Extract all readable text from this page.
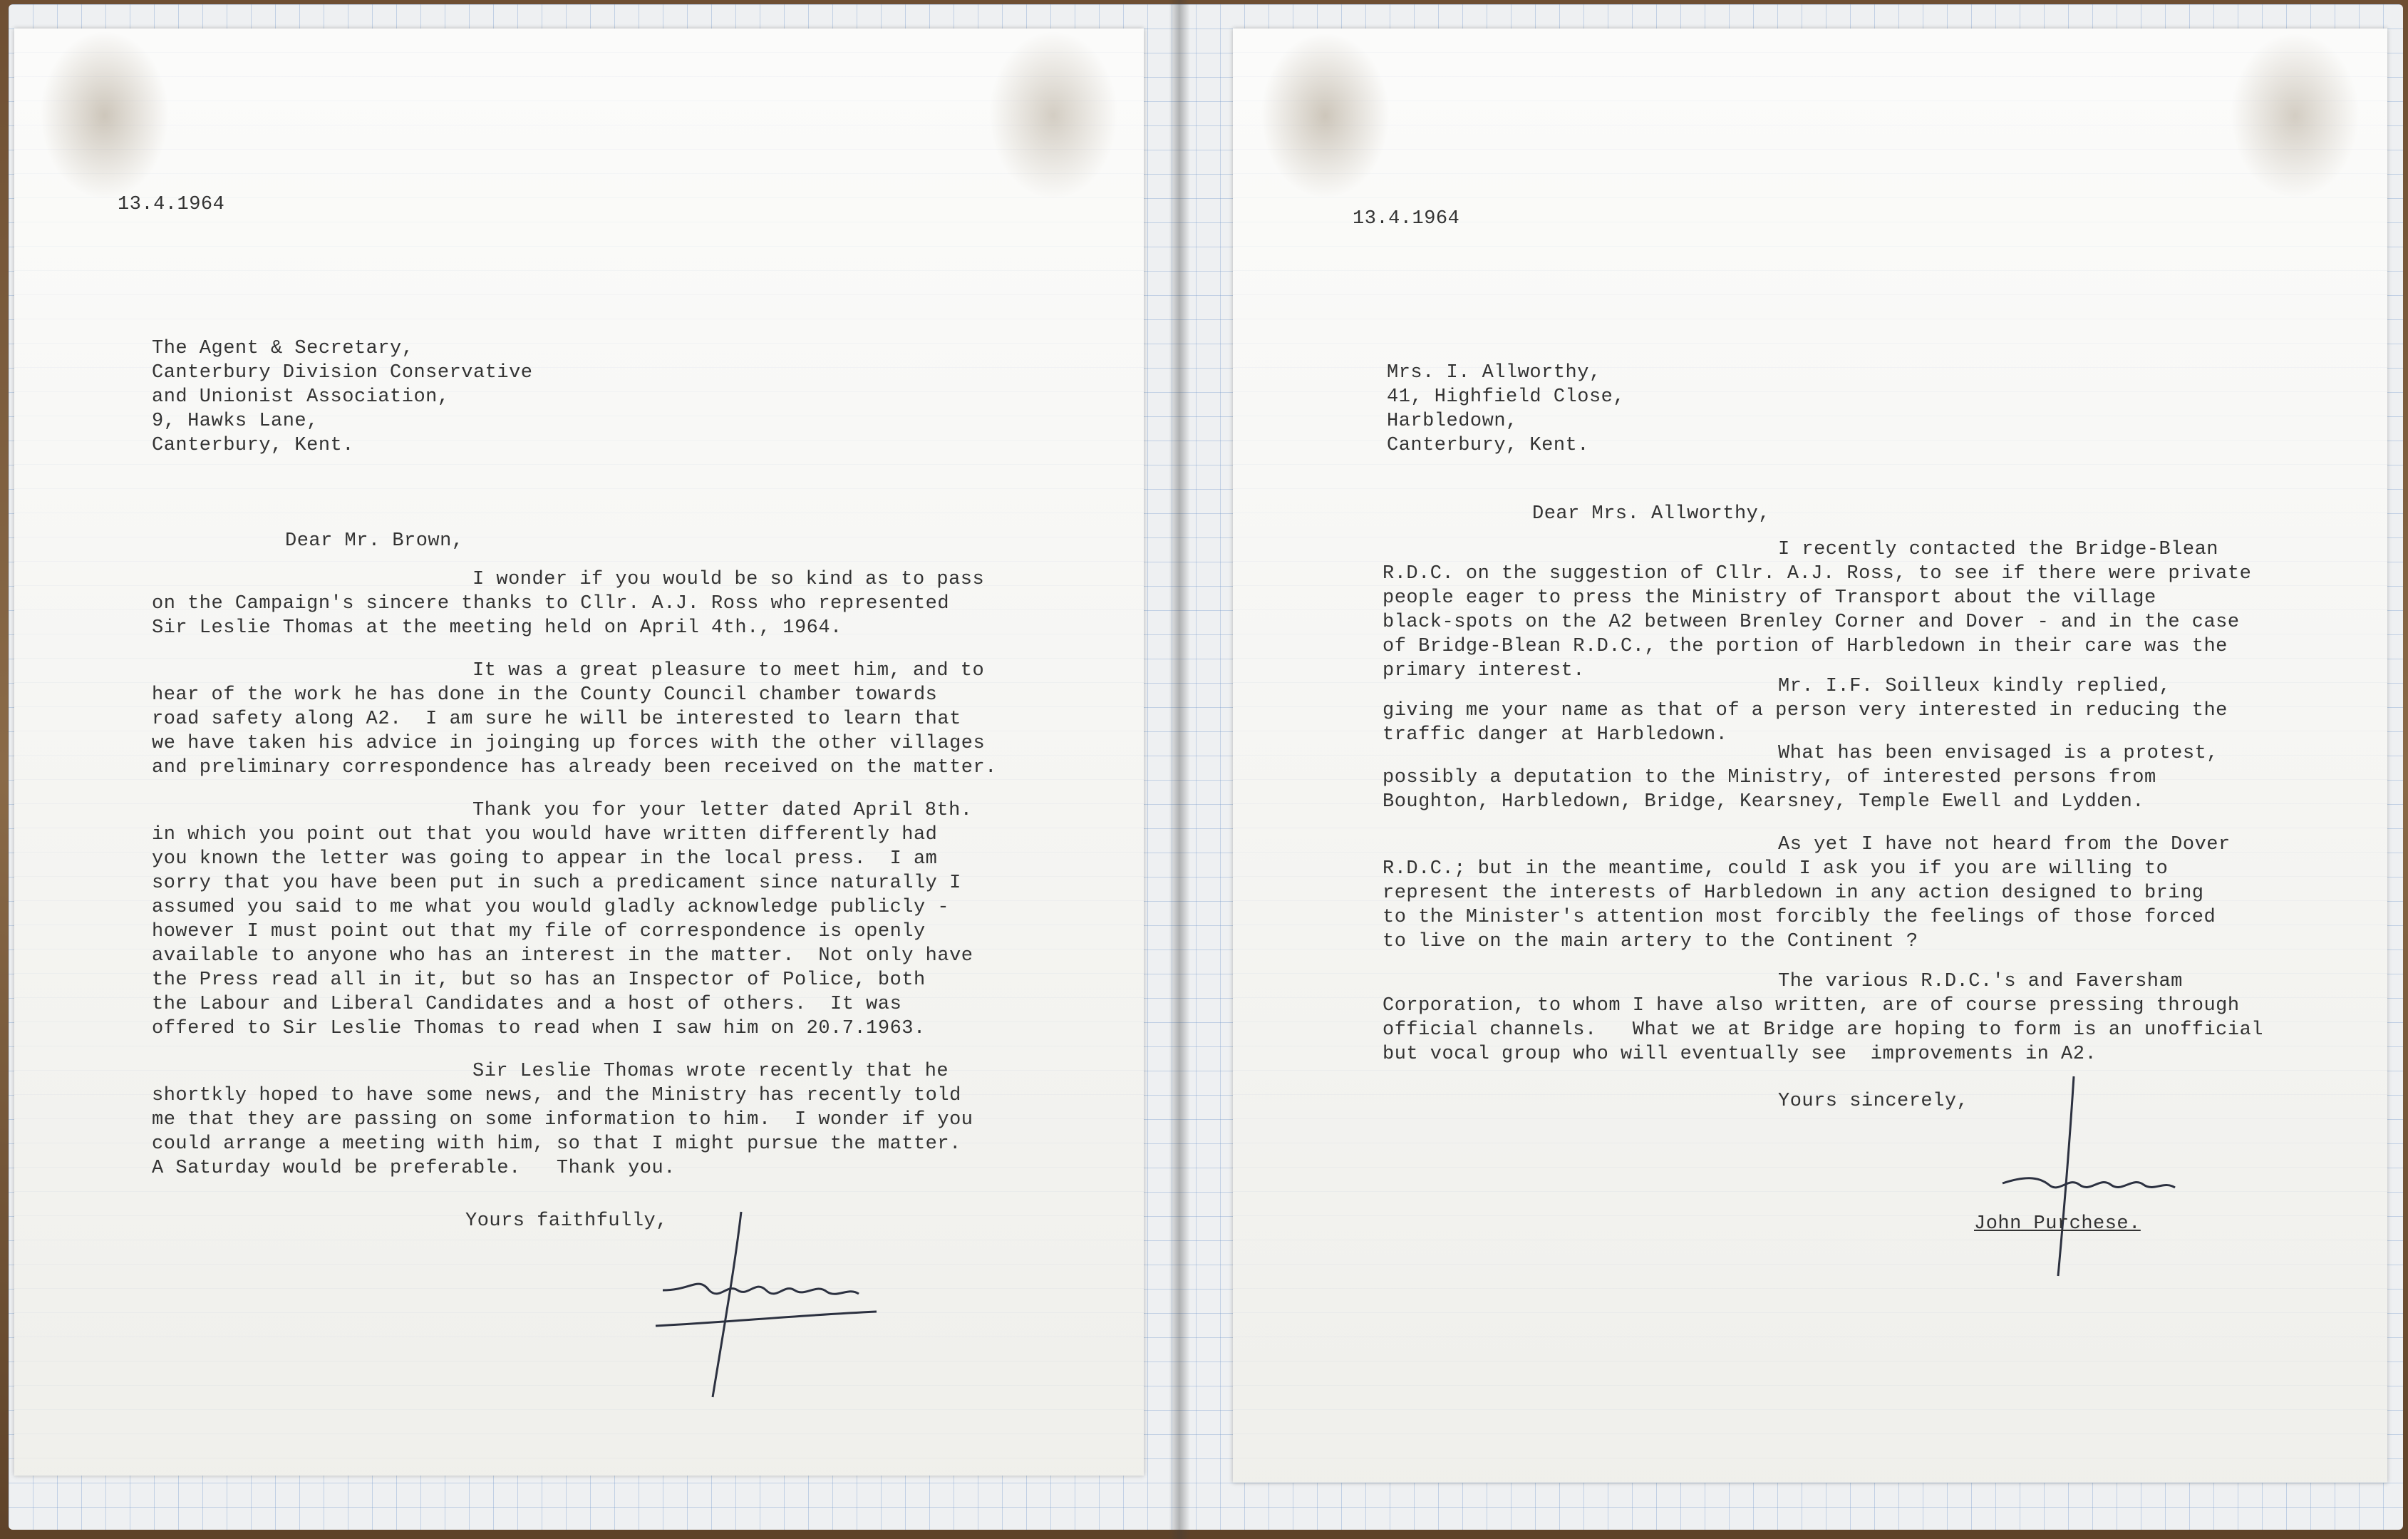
13.4.1964
The Agent & Secretary,
Canterbury Division Conservative
and Unionist Association,
9, Hawks Lane,
Canterbury, Kent.
Dear Mr. Brown,
I wonder if you would be so kind as to pass
on the Campaign's sincere thanks to Cllr. A.J. Ross who represented
Sir Leslie Thomas at the meeting held on April 4th., 1964.
It was a great pleasure to meet him, and to
hear of the work he has done in the County Council chamber towards
road safety along A2.  I am sure he will be interested to learn that
we have taken his advice in joinging up forces with the other villages
and preliminary correspondence has already been received on the matter.
Thank you for your letter dated April 8th.
in which you point out that you would have written differently had
you known the letter was going to appear in the local press.  I am
sorry that you have been put in such a predicament since naturally I
assumed you said to me what you would gladly acknowledge publicly -
however I must point out that my file of correspondence is openly
available to anyone who has an interest in the matter.  Not only have
the Press read all in it, but so has an Inspector of Police, both
the Labour and Liberal Candidates and a host of others.  It was
offered to Sir Leslie Thomas to read when I saw him on 20.7.1963.
Sir Leslie Thomas wrote recently that he
shortkly hoped to have some news, and the Ministry has recently told
me that they are passing on some information to him.  I wonder if you
could arrange a meeting with him, so that I might pursue the matter.
A Saturday would be preferable.   Thank you.
Yours faithfully,
13.4.1964
Mrs. I. Allworthy,
41, Highfield Close,
Harbledown,
Canterbury, Kent.
Dear Mrs. Allworthy,
I recently contacted the Bridge-Blean
R.D.C. on the suggestion of Cllr. A.J. Ross, to see if there were private
people eager to press the Ministry of Transport about the village
black-spots on the A2 between Brenley Corner and Dover - and in the case
of Bridge-Blean R.D.C., the portion of Harbledown in their care was the
primary interest.
Mr. I.F. Soilleux kindly replied,
giving me your name as that of a person very interested in reducing the
traffic danger at Harbledown.
What has been envisaged is a protest,
possibly a deputation to the Ministry, of interested persons from
Boughton, Harbledown, Bridge, Kearsney, Temple Ewell and Lydden.
As yet I have not heard from the Dover
R.D.C.; but in the meantime, could I ask you if you are willing to
represent the interests of Harbledown in any action designed to bring
to the Minister's attention most forcibly the feelings of those forced
to live on the main artery to the Continent ?
The various R.D.C.'s and Faversham
Corporation, to whom I have also written, are of course pressing through
official channels.   What we at Bridge are hoping to form is an unofficial
but vocal group who will eventually see  improvements in A2.
Yours sincerely,
John Purchese.
